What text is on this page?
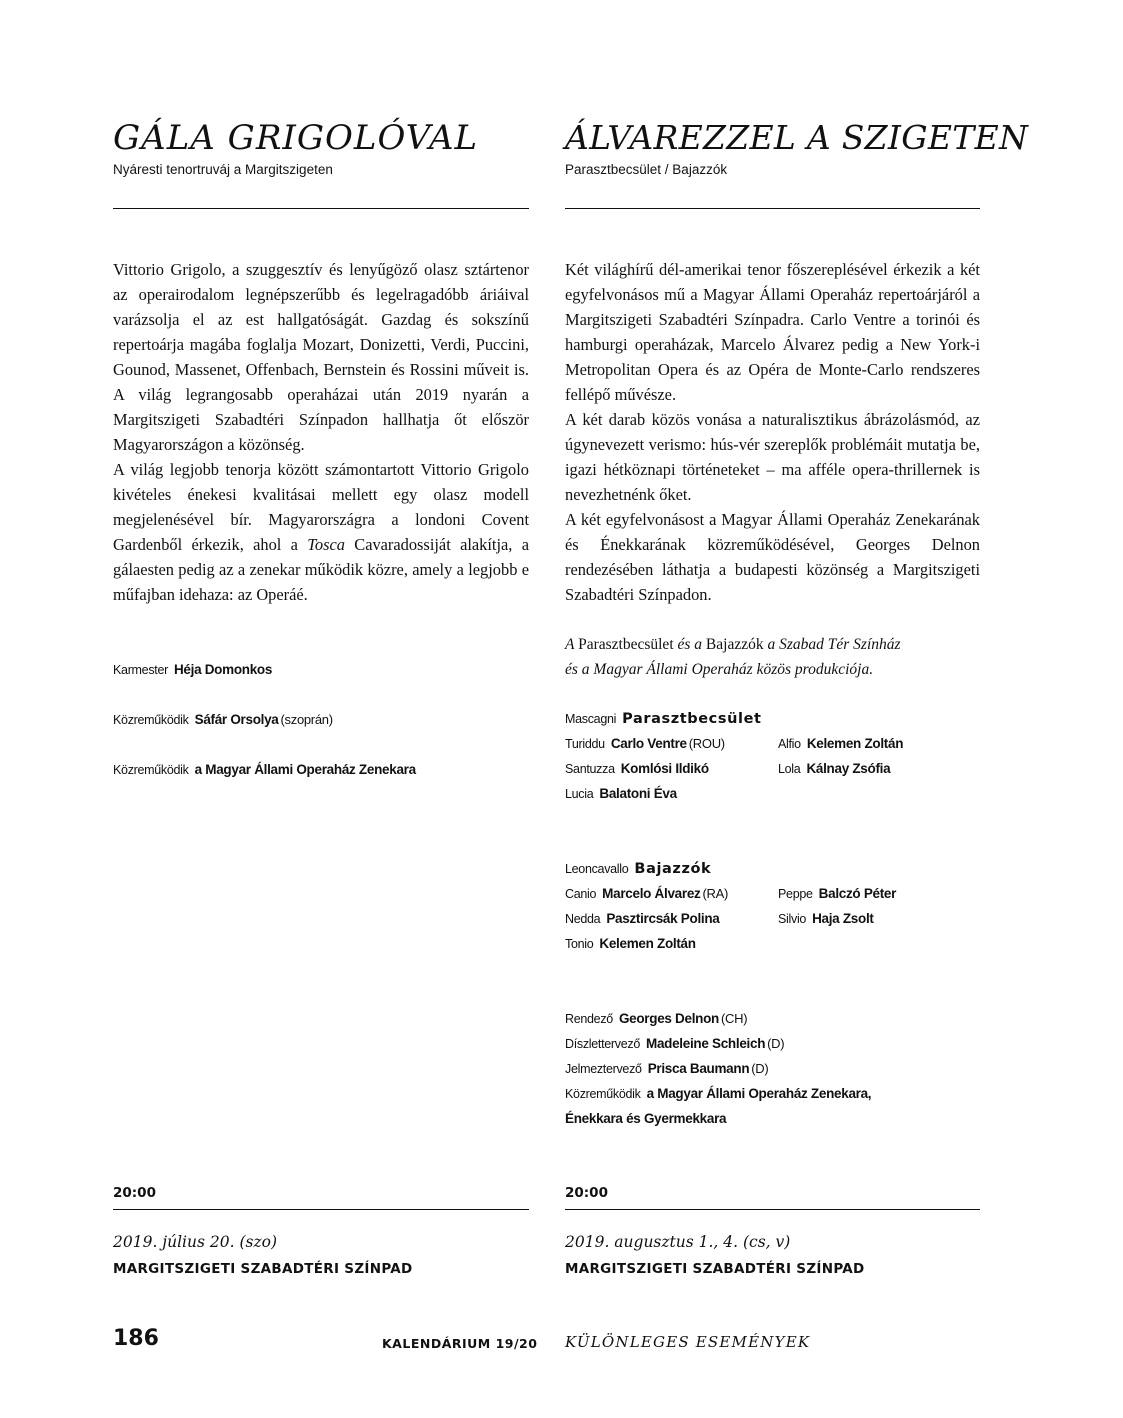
GÁLA GRIGOLÓVAL
Nyáresti tenortruváj a Margitszigeten

Vittorio Grigolo, a szuggesztív és lenyűgöző olasz sztártenor az operairodalom legnépszerűbb és legelragadóbb áriáival varázsolja el az est hallgatóságát. Gazdag és sokszínű repertoárja magába foglalja Mozart, Donizetti, Verdi, Puccini, Gounod, Massenet, Offenbach, Bernstein és Rossini műveit is. A világ legrangosabb operaházai után 2019 nyarán a Margitszigeti Szabadtéri Színpadon hallhatja őt először Magyarországon a közönség.

A világ legjobb tenorja között számontartott Vittorio Grigolo kivételes énekesi kvalitásai mellett egy olasz modell megjelenésével bír. Magyarországra a londoni Covent Gardenből érkezik, ahol a Tosca Cavaradossiját alakítja, a gálaesten pedig az a zenekar működik közre, amely a legjobb e műfajban idehaza: az Operáé.

Karmester Héja Domonkos
Közreműködik Sáfár Orsolya (szoprán)
Közreműködik a Magyar Állami Operaház Zenekara
20:00
2019. július 20. (szo)
MARGITSZIGETI SZABADTÉRI SZÍNPAD
ÁLVAREZZEL A SZIGETEN
Parasztbecsület / Bajazzók

Két világhírű dél-amerikai tenor főszereplésével érkezik a két egyfelvonásos mű a Magyar Állami Operaház repertoárjáról a Margitszigeti Szabadtéri Színpadra. Carlo Ventre a torinói és hamburgi operaházak, Marcelo Álvarez pedig a New York-i Metropolitan Opera és az Opéra de Monte-Carlo rendszeres fellépő művésze.

A két darab közös vonása a naturalisztikus ábrázolásmód, az úgynevezett verismo: hús-vér szereplők problémáit mutatja be, igazi hétköznapi történeteket – ma afféle opera-thrillernek is nevezhetnénk őket.

A két egyfelvonásost a Magyar Állami Operaház Zenekarának és Énekkarának közreműködésével, Georges Delnon rendezésében láthatja a budapesti közönség a Margitszigeti Szabadtéri Színpadon.

A Parasztbecsület és a Bajazzók a Szabad Tér Színház
és a Magyar Állami Operaház közös produkciója.
Mascagni Parasztbecsület
Turiddu Carlo Ventre (ROU)
Santuzza Komlósi Ildikó
Lucia Balatoni Éva
Alfio Kelemen Zoltán
Lola Kálnay Zsófia
Leoncavallo Bajazzók
Canio Marcelo Álvarez (RA)
Nedda Pasztircsák Polina
Tonio Kelemen Zoltán
Peppe Balczó Péter
Silvio Haja Zsolt
Rendező Georges Delnon (CH)
Díszlettervező Madeleine Schleich (D)
Jelmeztervező Prisca Baumann (D)
Közreműködik a Magyar Állami Operaház Zenekara,
Énekkara és Gyermekkara
20:00
2019. augusztus 1., 4. (cs, v)
MARGITSZIGETI SZABADTÉRI SZÍNPAD
186	KALENDÁRIUM 19/20 KÜLÖNLEGES ESEMÉNYEK
